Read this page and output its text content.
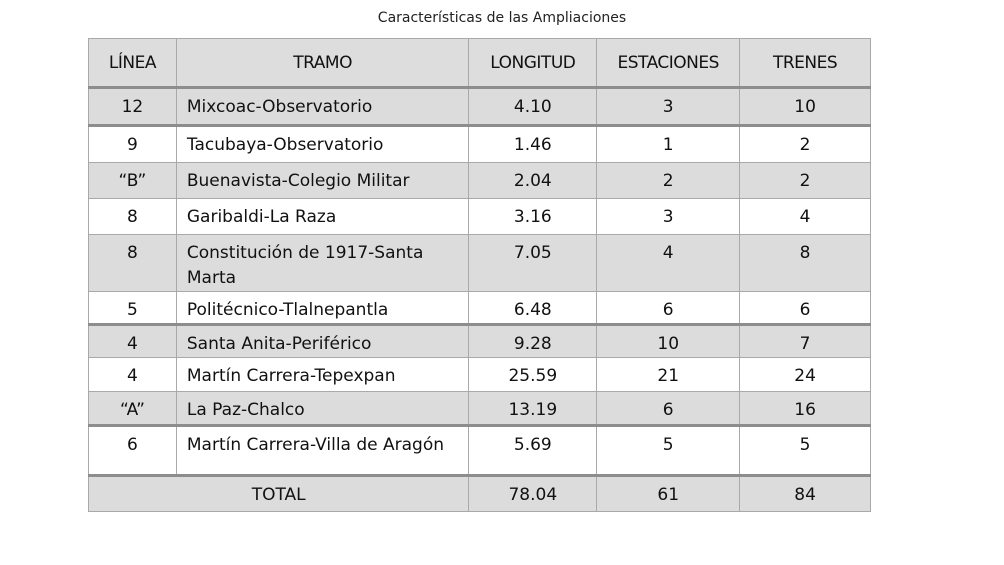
Características de las Ampliaciones
LÍNEA	TRAMO	LONGITUD	ESTACIONES	TRENES
12	Mixcoac-Observatorio	4.10	3	10
9	Tacubaya-Observatorio	1.46	1	2
“B”	Buenavista-Colegio Militar	2.04	2	2
8	Garibaldi-La Raza	3.16	3	4
8	Constitución de 1917-Santa Marta	7.05	4	8
5	Politécnico-Tlalnepantla	6.48	6	6
4	Santa Anita-Periférico	9.28	10	7
4	Martín Carrera-Tepexpan	25.59	21	24
“A”	La Paz-Chalco	13.19	6	16
6	Martín Carrera-Villa de Aragón	5.69	5	5
TOTAL		78.04	61	84
